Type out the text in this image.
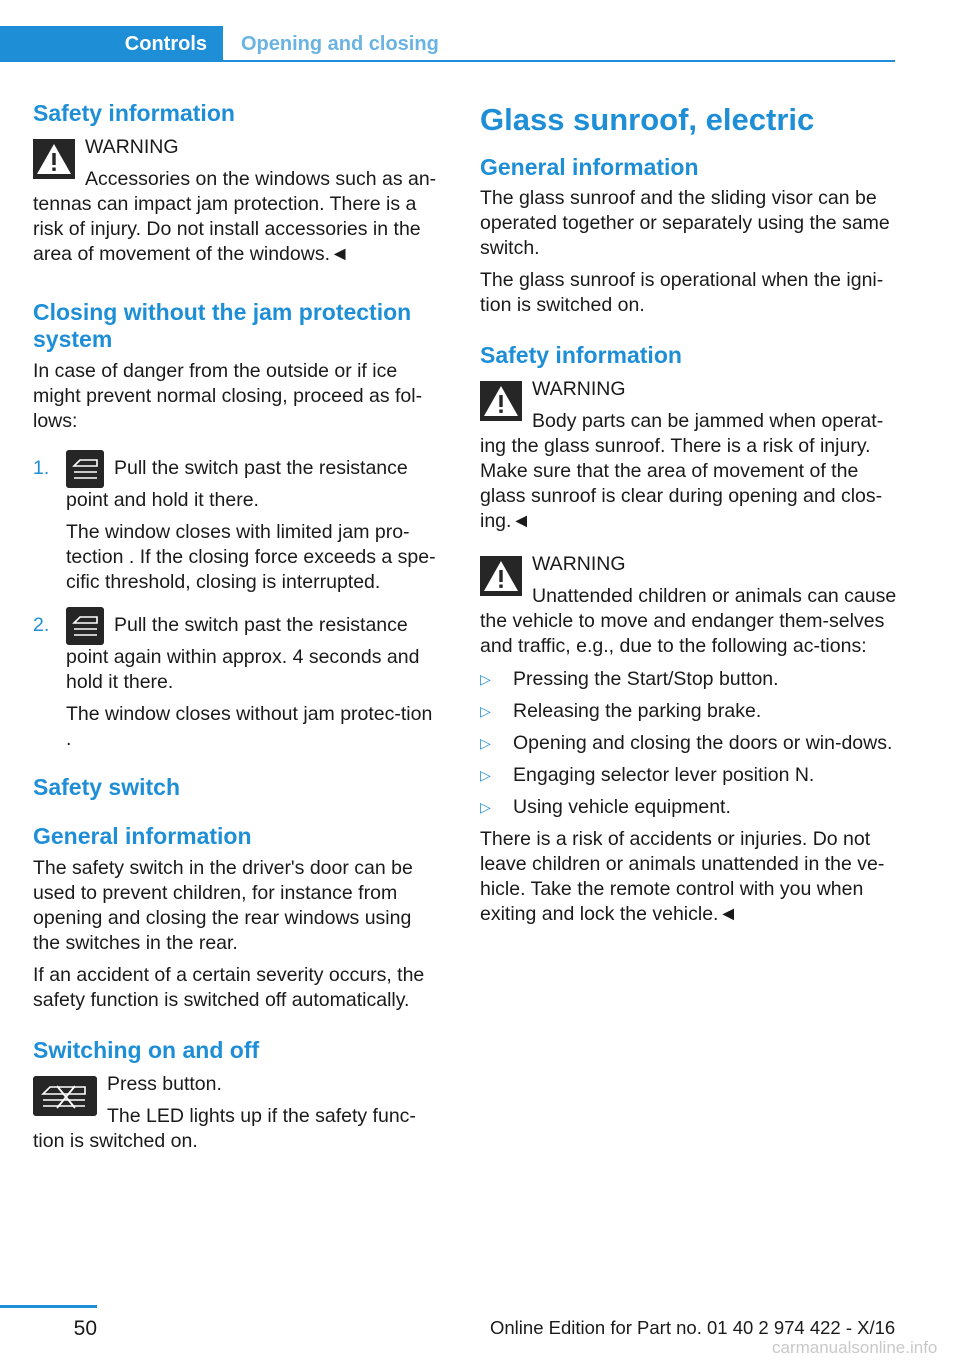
Controls	Opening and closing
Safety information

WARNING

Accessories on the windows such as an-tennas can impact jam protection. There is a risk of injury. Do not install accessories in the area of movement of the windows.◄

Closing without the jam protection system

In case of danger from the outside or if ice might prevent normal closing, proceed as fol-lows:

1.	Pull the switch past the resistance point and hold it there.

The window closes with limited jam pro-tection . If the closing force exceeds a spe-cific threshold, closing is interrupted.

2.	Pull the switch past the resistance point again within approx. 4 seconds and hold it there.

The window closes without jam protec-tion .

Safety switch
General information

The safety switch in the driver's door can be used to prevent children, for instance from opening and closing the rear windows using the switches in the rear.

If an accident of a certain severity occurs, the safety function is switched off automatically.

Switching on and off

Press button.

The LED lights up if the safety func-tion is switched on.

Glass sunroof, electric
General information

The glass sunroof and the sliding visor can be operated together or separately using the same switch.

The glass sunroof is operational when the igni-tion is switched on.

Safety information

WARNING

Body parts can be jammed when operat-ing the glass sunroof. There is a risk of injury. Make sure that the area of movement of the glass sunroof is clear during opening and clos-ing.◄

WARNING

Unattended children or animals can cause the vehicle to move and endanger them-selves and traffic, e.g., due to the following ac-tions:

▷ Pressing the Start/Stop button.

▷ Releasing the parking brake.

▷ Opening and closing the doors or win-dows.

▷ Engaging selector lever position N.

▷ Using vehicle equipment.

There is a risk of accidents or injuries. Do not leave children or animals unattended in the ve-hicle. Take the remote control with you when exiting and lock the vehicle.◄

50	Online Edition for Part no. 01 40 2 974 422 - X/16
carmanualsonline.info
